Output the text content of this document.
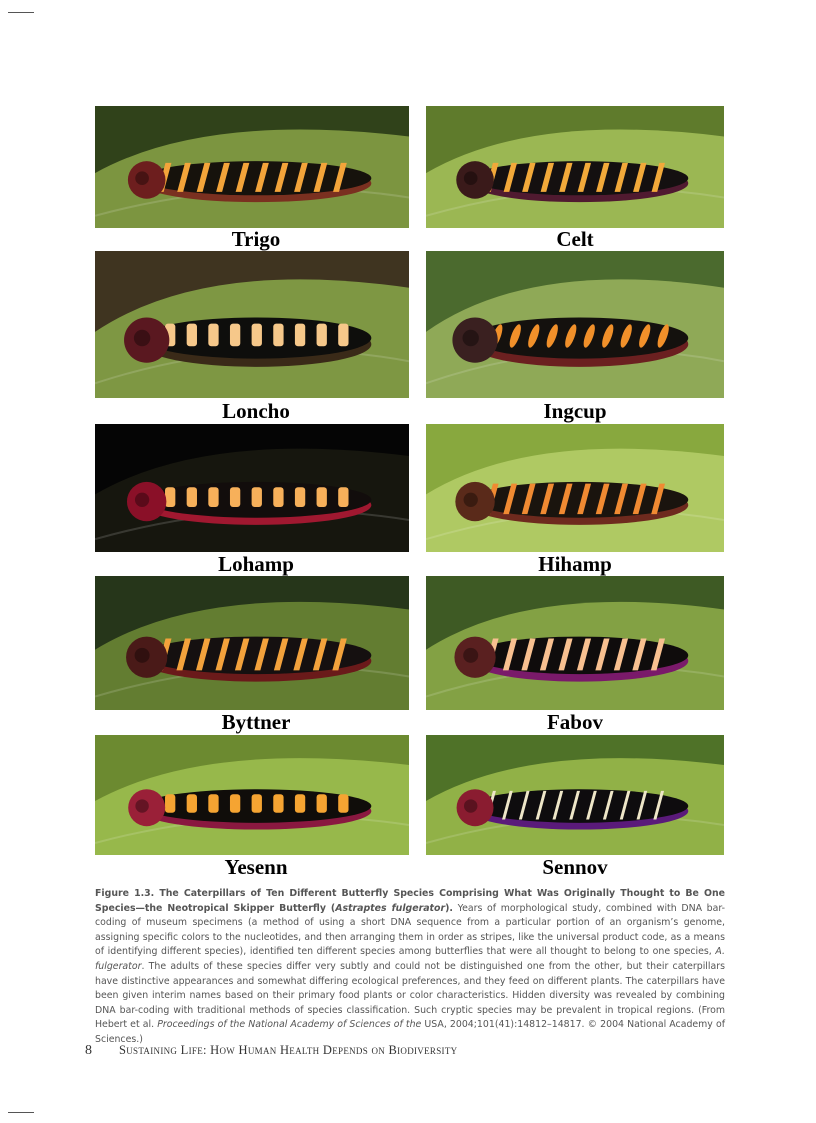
Trigo	Celt
Loncho	Ingcup
Lohamp	Hihamp
Byttner	Fabov
Yesenn	Sennov
Figure 1.3. The Caterpillars of Ten Different Butterfly Species Comprising What Was Originally Thought to Be One Species—the Neotropical Skipper Butterfly (Astraptes fulgerator). Years of morphological study, combined with DNA bar-coding of museum specimens (a method of using a short DNA sequence from a particular portion of an organism’s genome, assigning specific colors to the nucleotides, and then arranging them in order as stripes, like the universal product code, as a means of identifying different species), identified ten different species among butterflies that were all thought to belong to one species, A. fulgerator. The adults of these species differ very subtly and could not be distinguished one from the other, but their caterpillars have distinctive appearances and somewhat differing ecological preferences, and they feed on different plants. The caterpillars have been given interim names based on their primary food plants or color characteristics. Hidden diversity was revealed by combining DNA bar-coding with traditional methods of species classification. Such cryptic species may be prevalent in tropical regions. (From Hebert et al. Proceedings of the National Academy of Sciences of the USA, 2004;101(41):14812–14817. © 2004 National Academy of Sciences.)
8 Sustaining Life: How Human Health Depends on Biodiversity
